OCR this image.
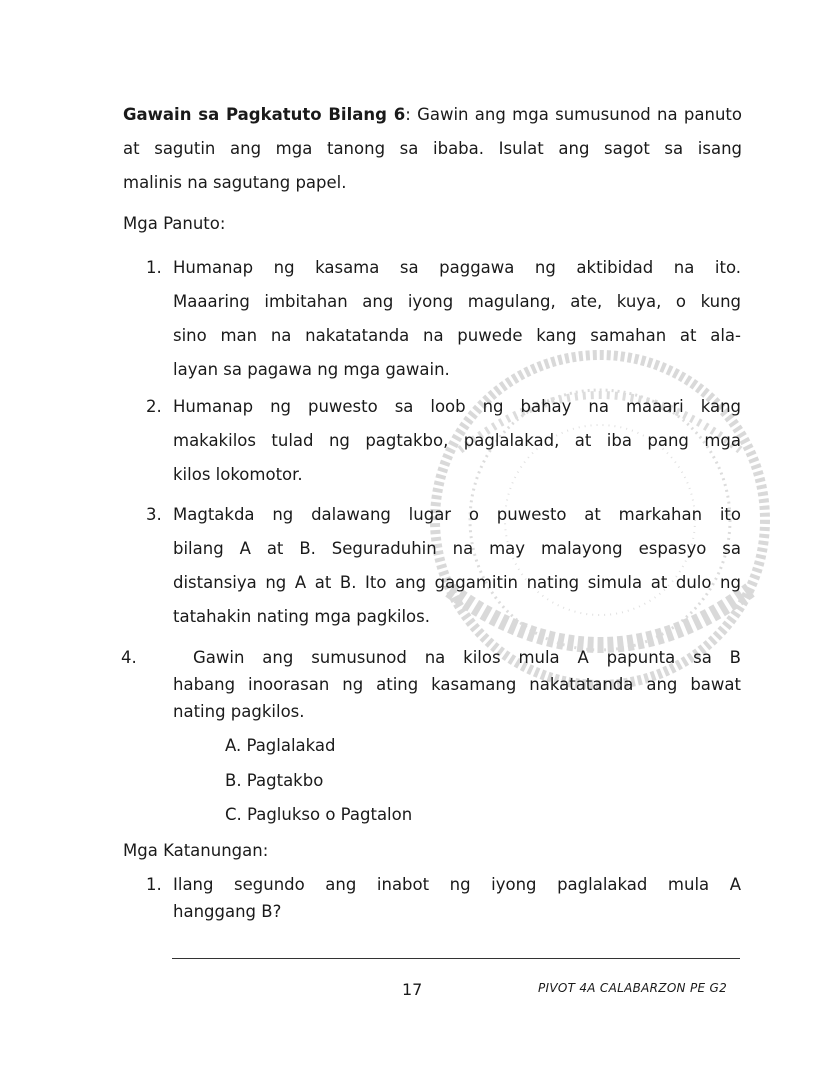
Gawain sa Pagkatuto Bilang 6: Gawin ang mga sumusunod na panuto
at sagutin ang mga tanong sa ibaba. Isulat ang sagot sa isang
malinis na sagutang papel.
Mga Panuto:
1. Humanap ng kasama sa paggawa ng aktibidad na ito.
Maaaring imbitahan ang iyong magulang, ate, kuya, o kung
sino man na nakatatanda na puwede kang samahan at ala-
layan sa pagawa ng mga gawain.
2. Humanap ng puwesto sa loob ng bahay na maaari kang
makakilos tulad ng pagtakbo, paglalakad, at iba pang mga
kilos lokomotor.
3. Magtakda ng dalawang lugar o puwesto at markahan ito
bilang A at B. Seguraduhin na may malayong espasyo sa
distansiya ng A at B. Ito ang gagamitin nating simula at dulo ng
tatahakin nating mga pagkilos.
4.	Gawin ang sumusunod na kilos mula A papunta sa B
habang inoorasan ng ating kasamang nakatatanda ang bawat
nating pagkilos.
A. Paglalakad
B. Pagtakbo
C. Paglukso o Pagtalon
Mga Katanungan:
1. Ilang segundo ang inabot ng iyong paglalakad mula A
hanggang B?
17	PIVOT 4A CALABARZON PE G2
